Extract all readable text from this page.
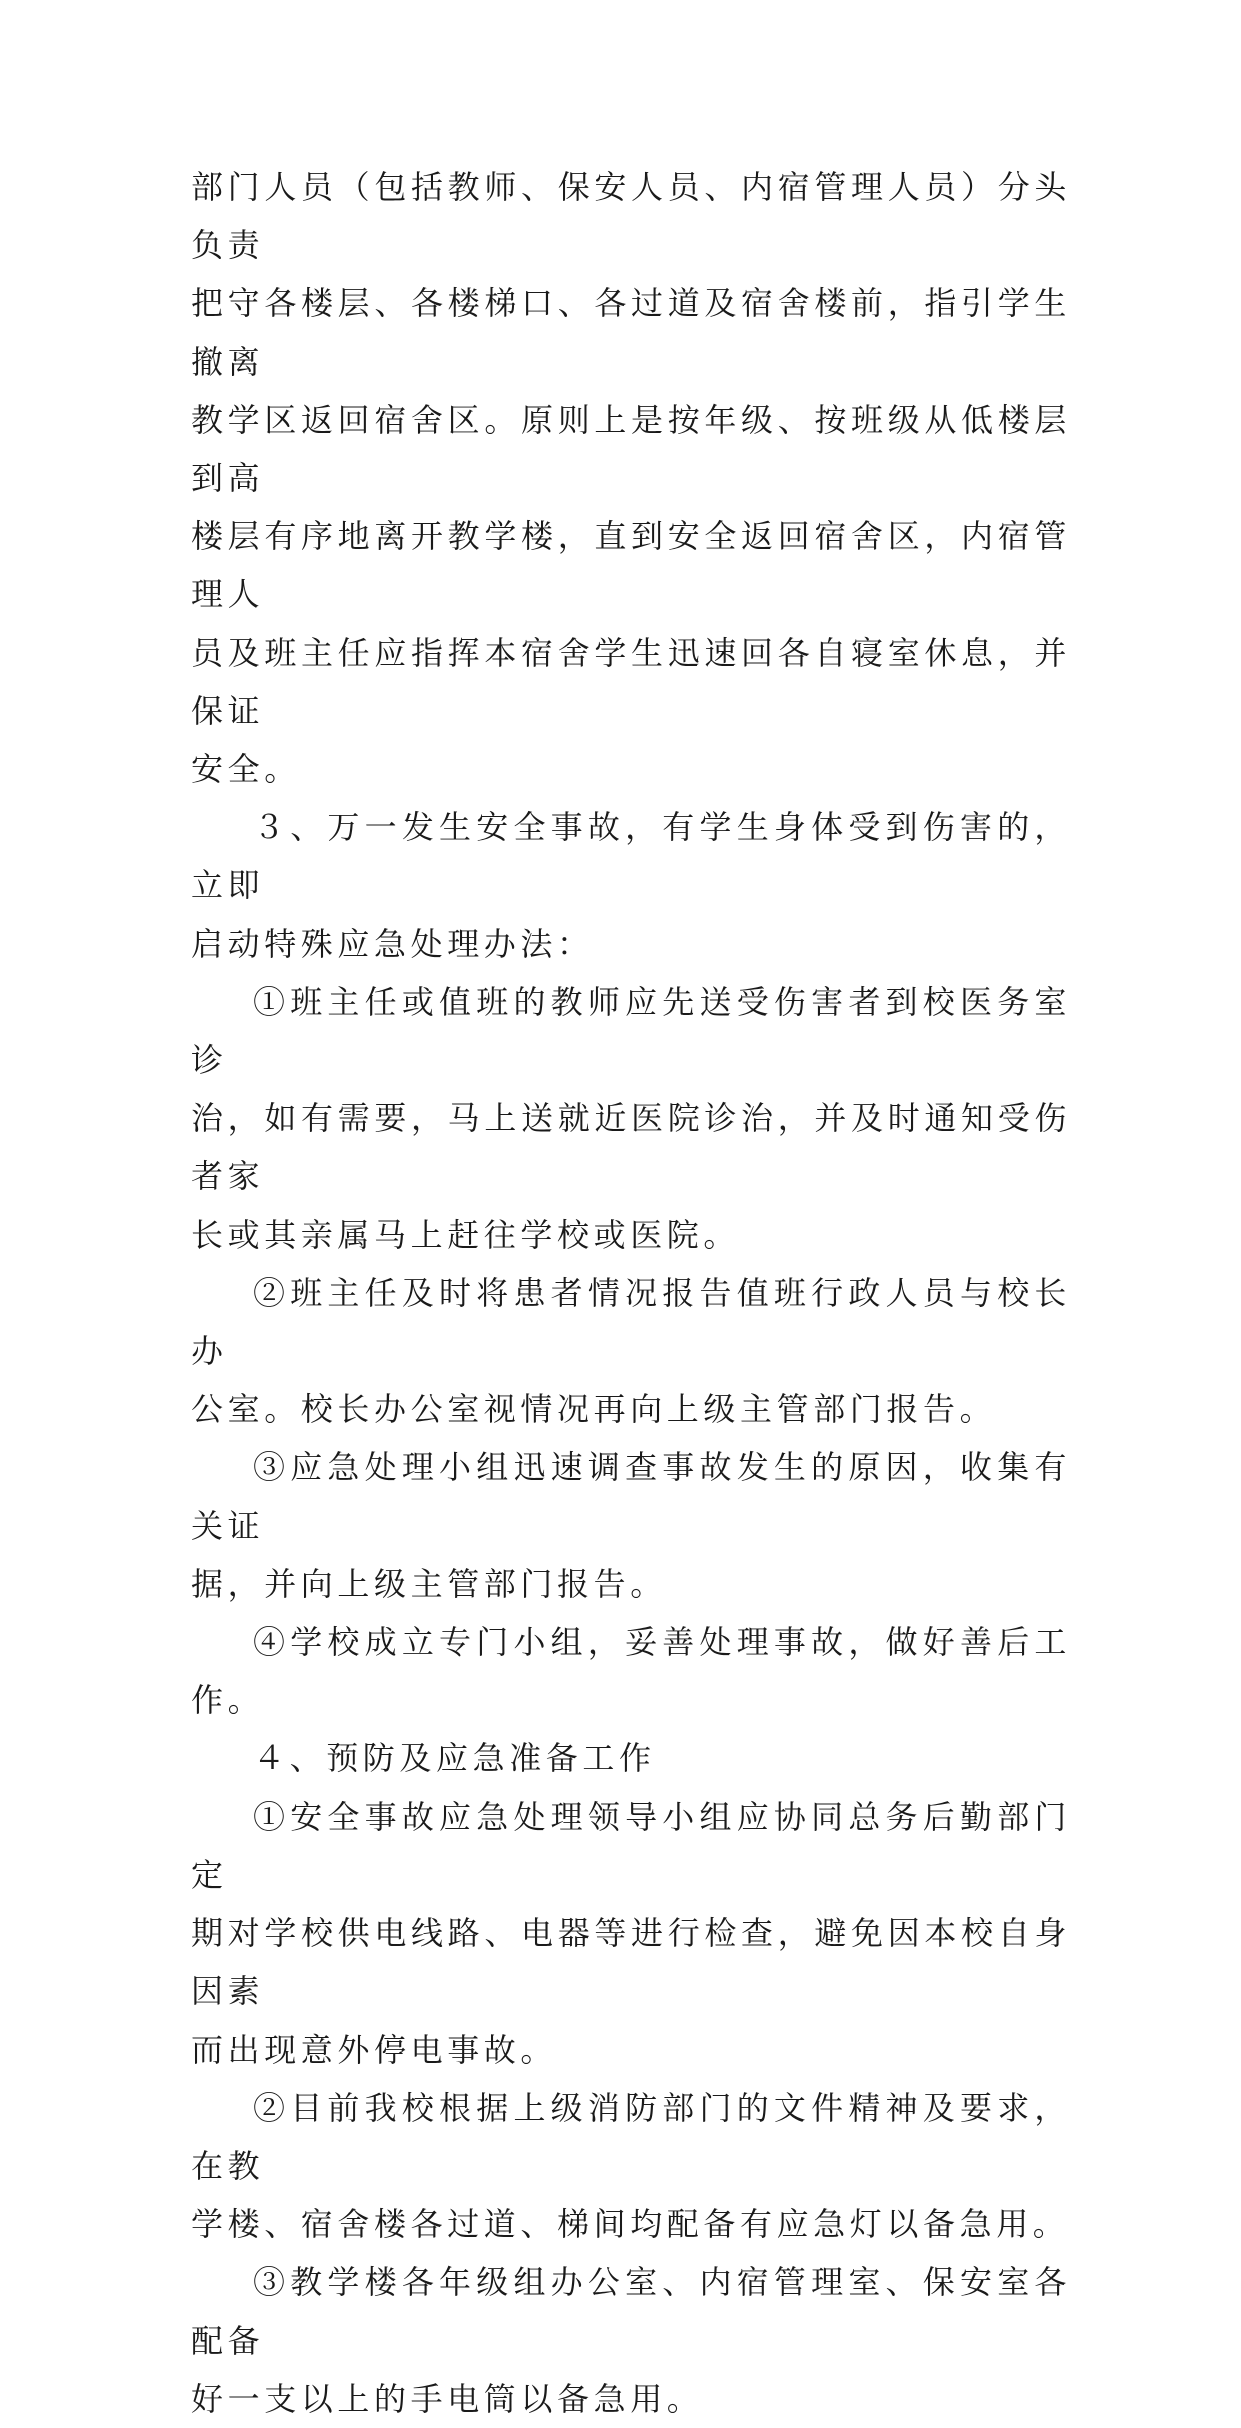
部门人员（包括教师、保安人员、内宿管理人员）分头负责
把守各楼层、各楼梯口、各过道及宿舍楼前，指引学生撤离
教学区返回宿舍区。原则上是按年级、按班级从低楼层到高
楼层有序地离开教学楼，直到安全返回宿舍区，内宿管理人
员及班主任应指挥本宿舍学生迅速回各自寝室休息，并保证
安全。

３、万一发生安全事故，有学生身体受到伤害的，立即
启动特殊应急处理办法：

①班主任或值班的教师应先送受伤害者到校医务室诊
治，如有需要，马上送就近医院诊治，并及时通知受伤者家
长或其亲属马上赶往学校或医院。

②班主任及时将患者情况报告值班行政人员与校长办
公室。校长办公室视情况再向上级主管部门报告。

③应急处理小组迅速调查事故发生的原因，收集有关证
据，并向上级主管部门报告。

④学校成立专门小组，妥善处理事故，做好善后工作。

４、预防及应急准备工作

①安全事故应急处理领导小组应协同总务后勤部门定
期对学校供电线路、电器等进行检查，避免因本校自身因素
而出现意外停电事故。

②目前我校根据上级消防部门的文件精神及要求，在教
学楼、宿舍楼各过道、梯间均配备有应急灯以备急用。

③教学楼各年级组办公室、内宿管理室、保安室各配备
好一支以上的手电筒以备急用。
